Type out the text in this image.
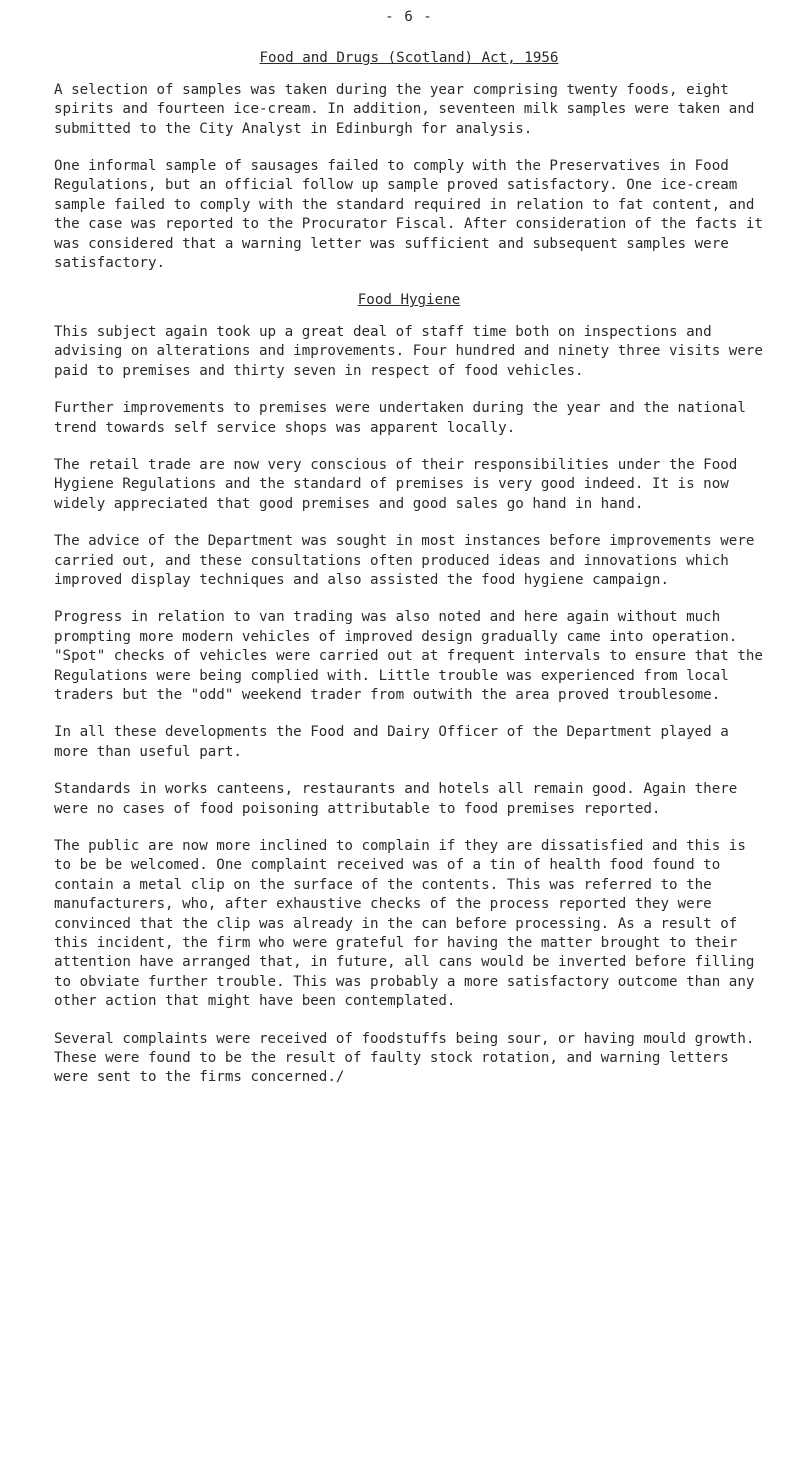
- 6 -
Food and Drugs (Scotland) Act, 1956

A selection of samples was taken during the year comprising twenty foods, eight spirits and fourteen ice-cream. In addition, seventeen milk samples were taken and submitted to the City Analyst in Edinburgh for analysis.

One informal sample of sausages failed to comply with the Preservatives in Food Regulations, but an official follow up sample proved satisfactory. One ice-cream sample failed to comply with the standard required in relation to fat content, and the case was reported to the Procurator Fiscal. After consideration of the facts it was considered that a warning letter was sufficient and subsequent samples were satisfactory.

Food Hygiene

This subject again took up a great deal of staff time both on inspections and advising on alterations and improvements. Four hundred and ninety three visits were paid to premises and thirty seven in respect of food vehicles.

Further improvements to premises were undertaken during the year and the national trend towards self service shops was apparent locally.

The retail trade are now very conscious of their responsibilities under the Food Hygiene Regulations and the standard of premises is very good indeed. It is now widely appreciated that good premises and good sales go hand in hand.

The advice of the Department was sought in most instances before improvements were carried out, and these consultations often produced ideas and innovations which improved display techniques and also assisted the food hygiene campaign.

Progress in relation to van trading was also noted and here again without much prompting more modern vehicles of improved design gradually came into operation. "Spot" checks of vehicles were carried out at frequent intervals to ensure that the Regulations were being complied with. Little trouble was experienced from local traders but the "odd" weekend trader from outwith the area proved troublesome.

In all these developments the Food and Dairy Officer of the Department played a more than useful part.

Standards in works canteens, restaurants and hotels all remain good. Again there were no cases of food poisoning attributable to food premises reported.

The public are now more inclined to complain if they are dissatisfied and this is to be be welcomed. One complaint received was of a tin of health food found to contain a metal clip on the surface of the contents. This was referred to the manufacturers, who, after exhaustive checks of the process reported they were convinced that the clip was already in the can before processing. As a result of this incident, the firm who were grateful for having the matter brought to their attention have arranged that, in future, all cans would be inverted before filling to obviate further trouble. This was probably a more satisfactory outcome than any other action that might have been contemplated.

Several complaints were received of foodstuffs being sour, or having mould growth. These were found to be the result of faulty stock rotation, and warning letters were sent to the firms concerned./
